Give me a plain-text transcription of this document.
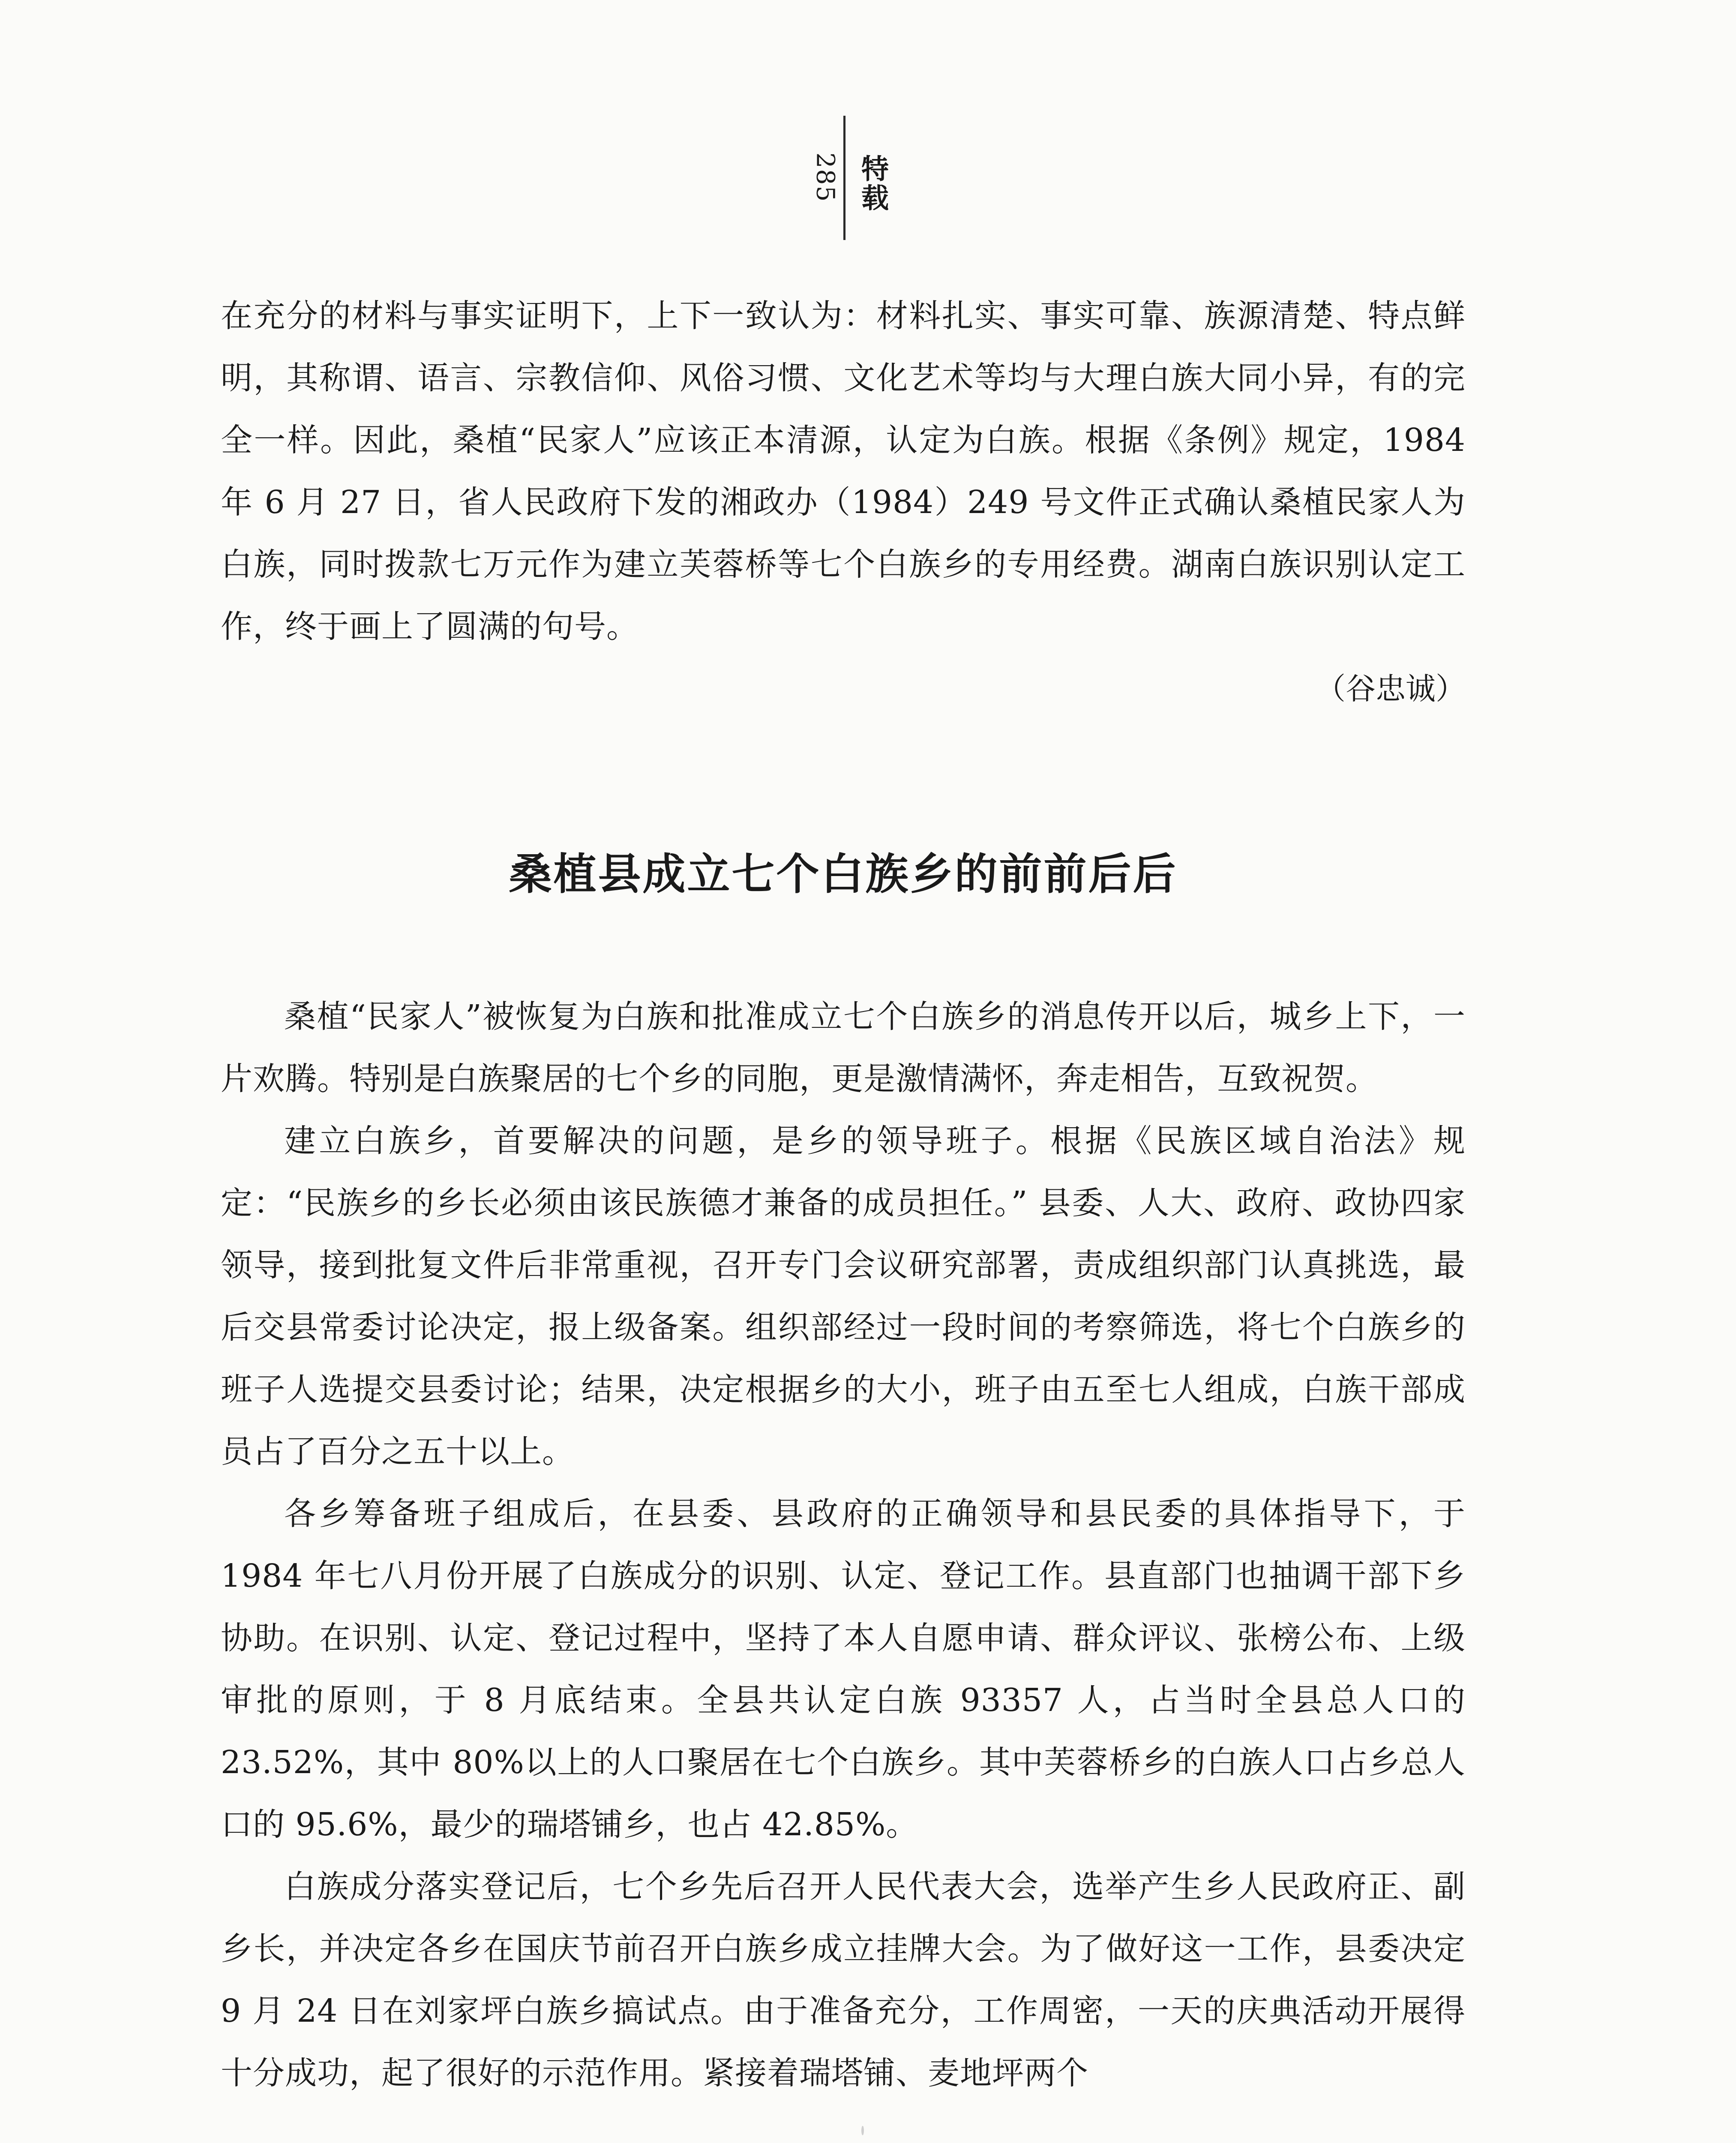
285 特载

在充分的材料与事实证明下，上下一致认为：材料扎实、事实可靠、族源清楚、特点鲜明，其称谓、语言、宗教信仰、风俗习惯、文化艺术等均与大理白族大同小异，有的完全一样。因此，桑植“民家人”应该正本清源，认定为白族。根据《条例》规定，1984 年 6 月 27 日，省人民政府下发的湘政办（1984）249 号文件正式确认桑植民家人为白族，同时拨款七万元作为建立芙蓉桥等七个白族乡的专用经费。湖南白族识别认定工作，终于画上了圆满的句号。

（谷忠诚）

桑植县成立七个白族乡的前前后后

桑植“民家人”被恢复为白族和批准成立七个白族乡的消息传开以后，城乡上下，一片欢腾。特别是白族聚居的七个乡的同胞，更是激情满怀，奔走相告，互致祝贺。

建立白族乡，首要解决的问题，是乡的领导班子。根据《民族区域自治法》规定：“民族乡的乡长必须由该民族德才兼备的成员担任。” 县委、人大、政府、政协四家领导，接到批复文件后非常重视，召开专门会议研究部署，责成组织部门认真挑选，最后交县常委讨论决定，报上级备案。组织部经过一段时间的考察筛选，将七个白族乡的班子人选提交县委讨论；结果，决定根据乡的大小，班子由五至七人组成，白族干部成员占了百分之五十以上。

各乡筹备班子组成后，在县委、县政府的正确领导和县民委的具体指导下，于 1984 年七八月份开展了白族成分的识别、认定、登记工作。县直部门也抽调干部下乡协助。在识别、认定、登记过程中，坚持了本人自愿申请、群众评议、张榜公布、上级审批的原则，于 8 月底结束。全县共认定白族 93357 人，占当时全县总人口的 23.52%，其中 80%以上的人口聚居在七个白族乡。其中芙蓉桥乡的白族人口占乡总人口的 95.6%，最少的瑞塔铺乡，也占 42.85%。

白族成分落实登记后，七个乡先后召开人民代表大会，选举产生乡人民政府正、副乡长，并决定各乡在国庆节前召开白族乡成立挂牌大会。为了做好这一工作，县委决定 9 月 24 日在刘家坪白族乡搞试点。由于准备充分，工作周密，一天的庆典活动开展得十分成功，起了很好的示范作用。紧接着瑞塔铺、麦地坪两个
